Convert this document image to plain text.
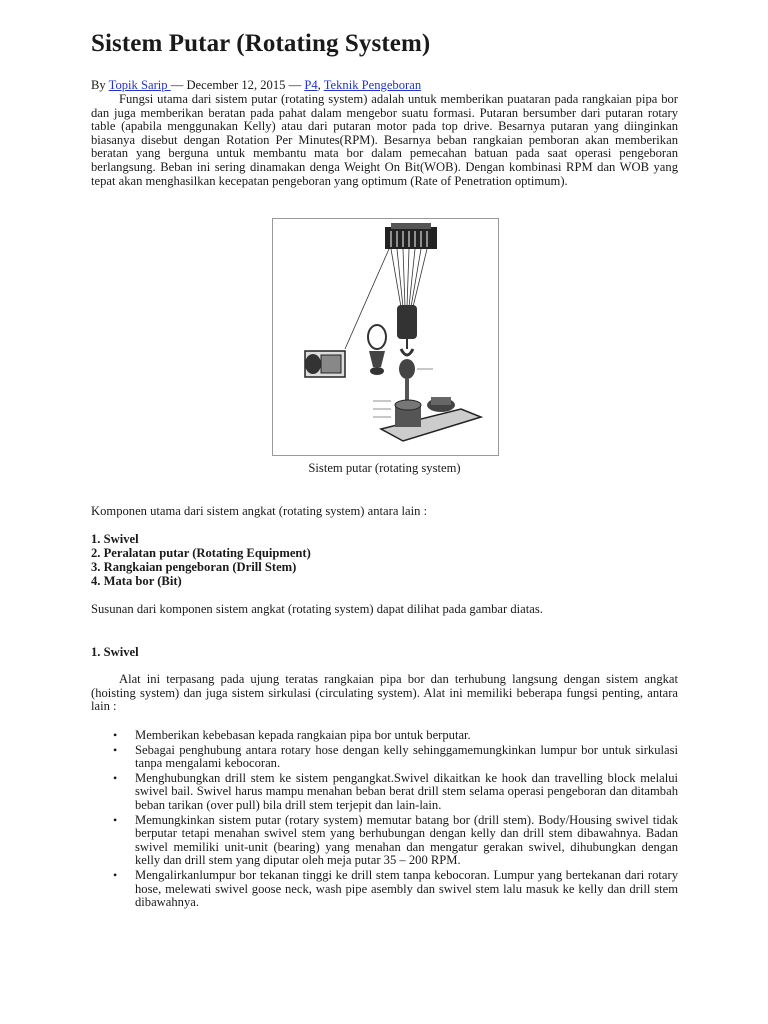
Sistem Putar (Rotating System)
By Topik Sarip — December 12, 2015 — P4, Teknik Pengeboran

Fungsi utama dari sistem putar (rotating system) adalah untuk memberikan puataran pada rangkaian pipa bor dan juga memberikan beratan pada pahat dalam mengebor suatu formasi. Putaran bersumber dari putaran rotary table (apabila menggunakan Kelly) atau dari putaran motor pada top drive. Besarnya putaran yang diinginkan biasanya disebut dengan Rotation Per Minutes(RPM). Besarnya beban rangkaian pemboran akan memberikan beratan yang berguna untuk membantu mata bor dalam pemecahan batuan pada saat operasi pengeboran berlangsung. Beban ini sering dinamakan denga Weight On Bit(WOB). Dengan kombinasi RPM dan WOB yang tepat akan menghasilkan kecepatan pengeboran yang optimum (Rate of Penetration optimum).

Sistem putar (rotating system)

Komponen utama dari sistem angkat (rotating system) antara lain :

1. Swivel
2. Peralatan putar (Rotating Equipment)
3. Rangkaian pengeboran (Drill Stem)
4. Mata bor (Bit)

Susunan dari komponen sistem angkat (rotating system) dapat dilihat pada gambar diatas.

1. Swivel

Alat ini terpasang pada ujung teratas rangkaian pipa bor dan terhubung langsung dengan sistem angkat (hoisting system) dan juga sistem sirkulasi (circulating system). Alat ini memiliki beberapa fungsi penting, antara lain :

• Memberikan kebebasan kepada rangkaian pipa bor untuk berputar.
• Sebagai penghubung antara rotary hose dengan kelly sehinggamemungkinkan lumpur bor untuk sirkulasi tanpa mengalami kebocoran.
• Menghubungkan drill stem ke sistem pengangkat.Swivel dikaitkan ke hook dan travelling block melalui swivel bail. Swivel harus mampu menahan beban berat drill stem selama operasi pengeboran dan ditambah beban tarikan (over pull) bila drill stem terjepit dan lain-lain.
• Memungkinkan sistem putar (rotary system) memutar batang bor (drill stem). Body/Housing swivel tidak berputar tetapi menahan swivel stem yang berhubungan dengan kelly dan drill stem dibawahnya. Badan swivel memiliki unit-unit (bearing) yang menahan dan mengatur gerakan swivel, dihubungkan dengan kelly dan drill stem yang diputar oleh meja putar 35 – 200 RPM.
• Mengalirkanlumpur bor tekanan tinggi ke drill stem tanpa kebocoran. Lumpur yang bertekanan dari rotary hose, melewati swivel goose neck, wash pipe asembly dan swivel stem lalu masuk ke kelly dan drill stem dibawahnya.
